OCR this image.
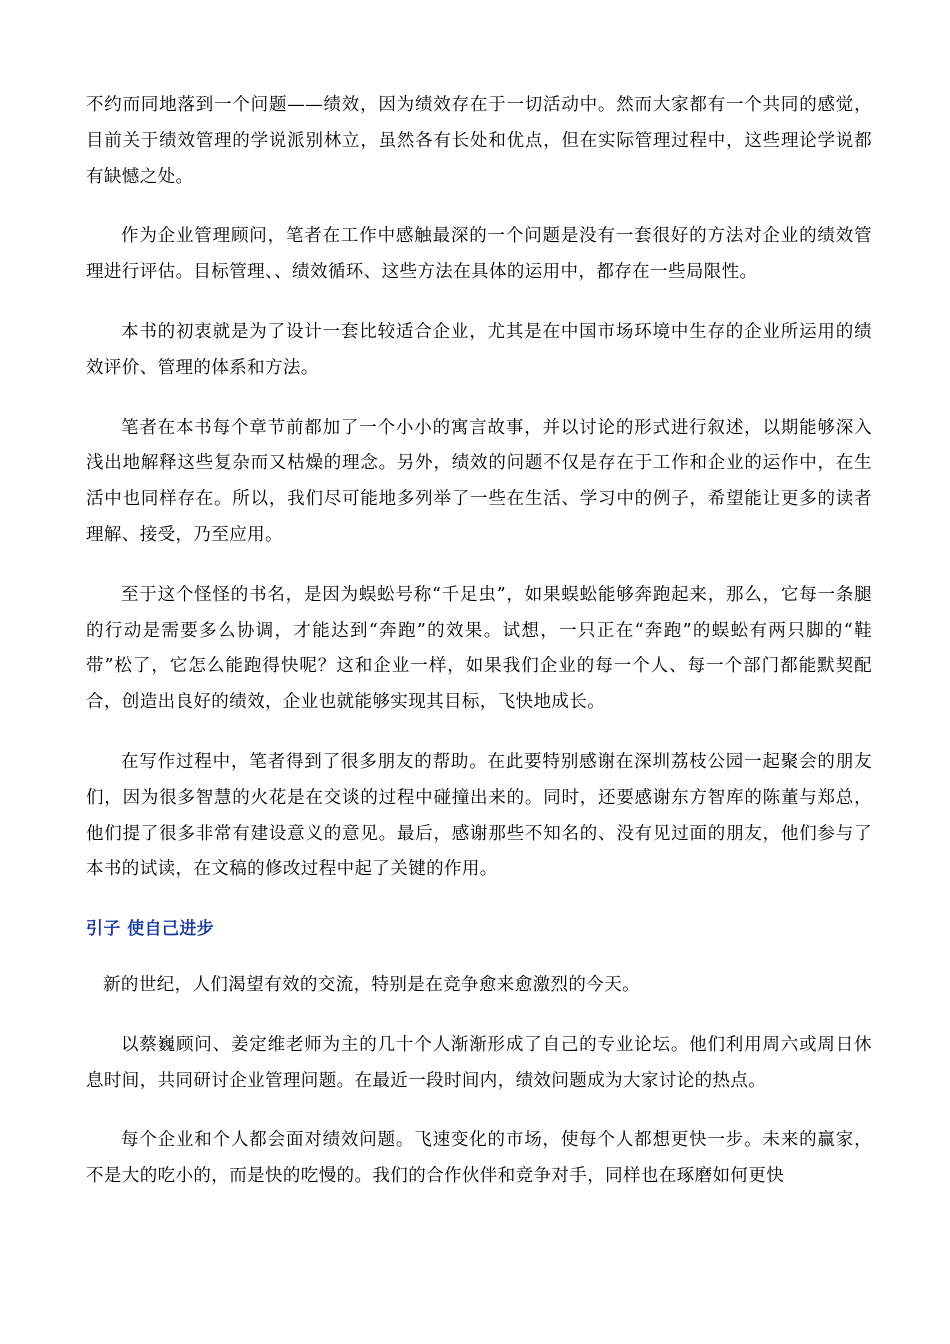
不约而同地落到一个问题——绩效，因为绩效存在于一切活动中。然而大家都有一个共同的感觉，目前关于绩效管理的学说派别林立，虽然各有长处和优点，但在实际管理过程中，这些理论学说都有缺憾之处。

作为企业管理顾问，笔者在工作中感触最深的一个问题是没有一套很好的方法对企业的绩效管理进行评估。目标管理、、绩效循环、这些方法在具体的运用中，都存在一些局限性。

本书的初衷就是为了设计一套比较适合企业，尤其是在中国市场环境中生存的企业所运用的绩效评价、管理的体系和方法。

笔者在本书每个章节前都加了一个小小的寓言故事，并以讨论的形式进行叙述，以期能够深入浅出地解释这些复杂而又枯燥的理念。另外，绩效的问题不仅是存在于工作和企业的运作中，在生活中也同样存在。所以，我们尽可能地多列举了一些在生活、学习中的例子，希望能让更多的读者理解、接受，乃至应用。

至于这个怪怪的书名，是因为蜈蚣号称“千足虫”，如果蜈蚣能够奔跑起来，那么，它每一条腿的行动是需要多么协调，才能达到“奔跑”的效果。试想，一只正在“奔跑”的蜈蚣有两只脚的“鞋带”松了，它怎么能跑得快呢？这和企业一样，如果我们企业的每一个人、每一个部门都能默契配合，创造出良好的绩效，企业也就能够实现其目标，飞快地成长。

在写作过程中，笔者得到了很多朋友的帮助。在此要特别感谢在深圳荔枝公园一起聚会的朋友们，因为很多智慧的火花是在交谈的过程中碰撞出来的。同时，还要感谢东方智库的陈董与郑总，他们提了很多非常有建设意义的意见。最后，感谢那些不知名的、没有见过面的朋友，他们参与了本书的试读，在文稿的修改过程中起了关键的作用。

引子 使自己进步

新的世纪，人们渴望有效的交流，特别是在竞争愈来愈激烈的今天。

以蔡巍顾问、姜定维老师为主的几十个人渐渐形成了自己的专业论坛。他们利用周六或周日休息时间，共同研讨企业管理问题。在最近一段时间内，绩效问题成为大家讨论的热点。

每个企业和个人都会面对绩效问题。飞速变化的市场，使每个人都想更快一步。未来的赢家，不是大的吃小的，而是快的吃慢的。我们的合作伙伴和竞争对手，同样也在琢磨如何更快
